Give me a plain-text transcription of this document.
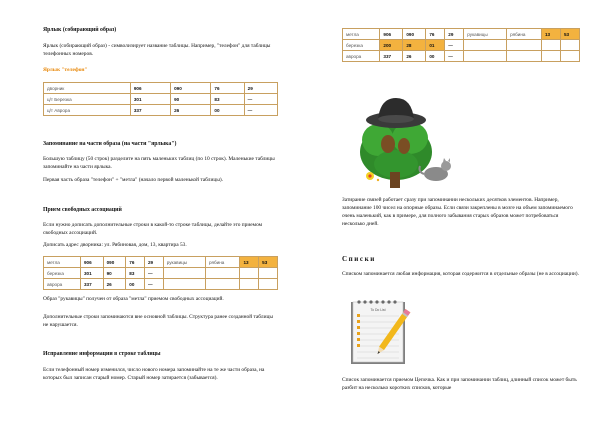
Ярлык (собирающий образ)
Ярлык (собирающий образ) - символизирует название таблицы. Например, "телефон" для таблицы телефонных номеров.
Ярлык "телефон"
дворник	906	090	76	29
ц/т Березка	301	90	83	—
ц/т Аврора	337	26	00	—
Запоминание на части образа (на части "ярлыка")
Большую таблицу (50 строк) разделите на пять маленьких таблиц (по 10 строк). Маленькие таблицы запоминайте на части ярлыка.
Первая часть образа "телефон" + "метла" (начало первой маленькой таблицы).
Прием свободных ассоциаций
Если нужно дописать дополнительные строки в какой-то строке таблицы, делайте это приемом свободных ассоциаций.
Дописать адрес дворника: ул. Рябиновая, дом, 13, квартира 53.
метла	906	090	76	29	рукавицы	рябина	13	53
березка	301	90	83	—				
аврора	337	26	00	—				
Образ "рукавицы" получен от образа "метла" приемом свободных ассоциаций.
Дополнительные строки запоминаются вне основной таблицы. Структура ранее созданной таблицы не нарушается.
Исправление информации в строке таблицы
Если телефонный номер изменился, число нового номера запоминайте на те же части образа, на которых был записан старый номер. Старый номер затирается (забывается).
метла	906	090	76	29	рукавицы	рябина	13	53
березка	200	28	01	—				
аврора	337	26	00	—				
Затирание связей работает сразу при запоминании нескольких десятков элементов. Например, запоминание 100 чисел на опорные образы. Если связи закреплены в мозге на объем запоминаемого очень маленький, как в примере, для полного забывания старых образов может потребоваться несколько дней.
Списки
Списком запоминается любая информация, которая содержится в отдельные образы (не в ассоциации).
To Do List
Список запоминается приемом Цепочка. Как и при запоминании таблиц, длинный список может быть разбит на несколько коротких списков, которые
